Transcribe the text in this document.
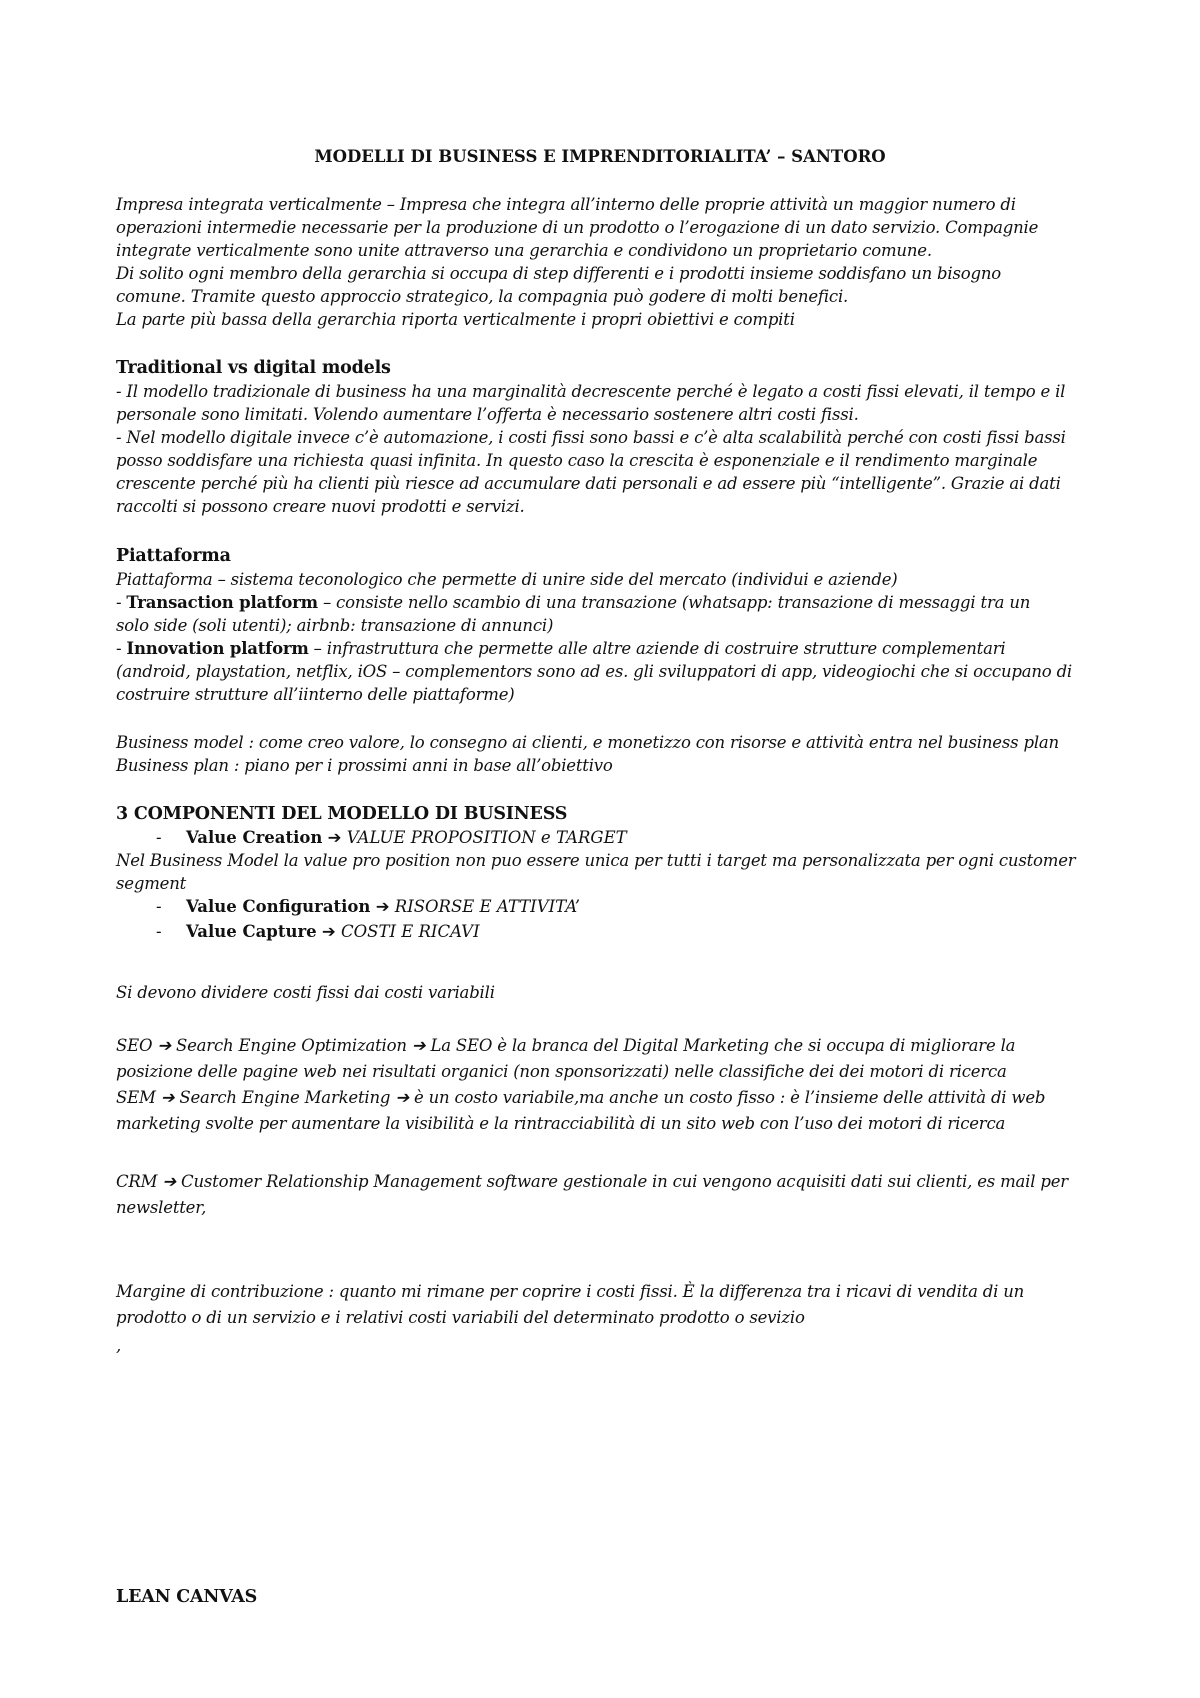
MODELLI DI BUSINESS E IMPRENDITORIALITA’ – SANTORO
Impresa integrata verticalmente – Impresa che integra all’interno delle proprie attività un maggior numero di
operazioni intermedie necessarie per la produzione di un prodotto o l’erogazione di un dato servizio. Compagnie
integrate verticalmente sono unite attraverso una gerarchia e condividono un proprietario comune.
Di solito ogni membro della gerarchia si occupa di step differenti e i prodotti insieme soddisfano un bisogno
comune. Tramite questo approccio strategico, la compagnia può godere di molti benefici.
La parte più bassa della gerarchia riporta verticalmente i propri obiettivi e compiti
Traditional vs digital models
- Il modello tradizionale di business ha una marginalità decrescente perché è legato a costi fissi elevati, il tempo e il
personale sono limitati. Volendo aumentare l’offerta è necessario sostenere altri costi fissi.
- Nel modello digitale invece c’è automazione, i costi fissi sono bassi e c’è alta scalabilità perché con costi fissi bassi
posso soddisfare una richiesta quasi infinita. In questo caso la crescita è esponenziale e il rendimento marginale
crescente perché più ha clienti più riesce ad accumulare dati personali e ad essere più “intelligente”. Grazie ai dati
raccolti si possono creare nuovi prodotti e servizi.
Piattaforma
Piattaforma – sistema teconologico che permette di unire side del mercato (individui e aziende)
- Transaction platform – consiste nello scambio di una transazione (whatsapp: transazione di messaggi tra un
solo side (soli utenti); airbnb: transazione di annunci)
- Innovation platform – infrastruttura che permette alle altre aziende di costruire strutture complementari
(android, playstation, netflix, iOS – complementors sono ad es. gli sviluppatori di app, videogiochi che si occupano di
costruire strutture all’iinterno delle piattaforme)
Business model : come creo valore, lo consegno ai clienti, e monetizzo con risorse e attività entra nel business plan
Business plan : piano per i prossimi anni in base all’obiettivo
3 COMPONENTI DEL MODELLO DI BUSINESS
- Value Creation ➔ VALUE PROPOSITION e TARGET
Nel Business Model la value pro position non puo essere unica per tutti i target ma personalizzata per ogni customer
segment
- Value Configuration ➔ RISORSE E ATTIVITA’
- Value Capture ➔ COSTI E RICAVI
Si devono dividere costi fissi dai costi variabili
SEO ➔ Search Engine Optimization ➔ La SEO è la branca del Digital Marketing che si occupa di migliorare la
posizione delle pagine web nei risultati organici (non sponsorizzati) nelle classifiche dei dei motori di ricerca
SEM ➔ Search Engine Marketing ➔ è un costo variabile,ma anche un costo fisso : è l’insieme delle attività di web
marketing svolte per aumentare la visibilità e la rintracciabilità di un sito web con l’uso dei motori di ricerca
CRM ➔ Customer Relationship Management software gestionale in cui vengono acquisiti dati sui clienti, es mail per
newsletter,
Margine di contribuzione : quanto mi rimane per coprire i costi fissi. È la differenza tra i ricavi di vendita di un
prodotto o di un servizio e i relativi costi variabili del determinato prodotto o sevizio
,
LEAN CANVAS
